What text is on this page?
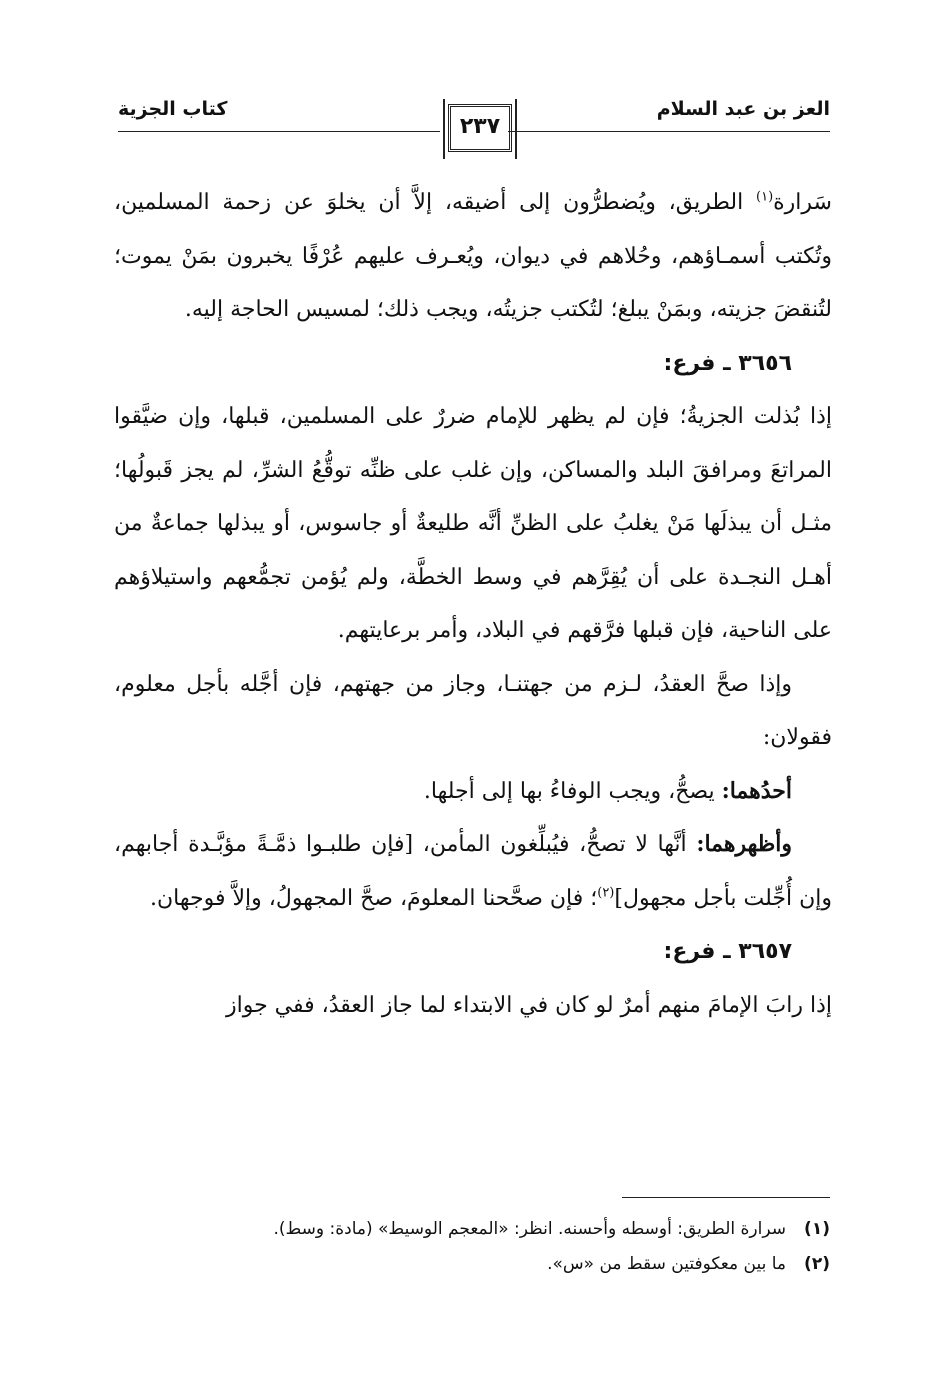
العز بن عبد السلام
كتاب الجزية
٢٣٧

سَرارة$^{(١)}$ الطريق، ويُضطرُّون إلى أضيقه، إلاَّ أن يخلوَ عن زحمة المسلمين، وتُكتب أسمـاؤهم، وحُلاهم في ديوان، ويُعـرف عليهم عُرْفًا يخبرون بمَنْ يموت؛ لتُنقضَ جزيته، وبمَنْ يبلغ؛ لتُكتب جزيتُه، ويجب ذلك؛ لمسيس الحاجة إليه.

٣٦٥٦ ـ فرع:

إذا بُذلت الجزيةُ؛ فإن لم يظهر للإمام ضررٌ على المسلمين، قبلها، وإن ضيَّقوا المراتعَ ومرافقَ البلد والمساكن، وإن غلب على ظنِّه توقُّعُ الشرِّ، لم يجز قَبولُها؛ مثـل أن يبذلَها مَنْ يغلبُ على الظنِّ أنَّه طليعةٌ أو جاسوس، أو يبذلها جماعةٌ من أهـل النجـدة على أن يُقِرَّهم في وسط الخطَّة، ولم يُؤمن تجمُّعهم واستيلاؤهم على الناحية، فإن قبلها فرَّقهم في البلاد، وأمر برعايتهم.

وإذا صحَّ العقدُ، لـزم من جهتنـا، وجاز من جهتهم، فإن أجَّله بأجل معلوم، فقولان:

أحدُهما: يصحُّ، ويجب الوفاءُ بها إلى أجلها.

وأظهرهما: أنَّها لا تصحُّ، فيُبلِّغون المأمن، [فإن طلبـوا ذمَّـةً مؤبَّـدة أجابهم، وإن أُجِّلت بأجل مجهول]$^{(٢)}$؛ فإن صحَّحنا المعلومَ، صحَّ المجهولُ، وإلاَّ فوجهان.

٣٦٥٧ ـ فرع:

إذا رابَ الإمامَ منهم أمرٌ لو كان في الابتداء لما جاز العقدُ، ففي جواز

(١)سرارة الطريق: أوسطه وأحسنه. انظر: «المعجم الوسيط» (مادة: وسط).
(٢)ما بين معكوفتين سقط من «س».
